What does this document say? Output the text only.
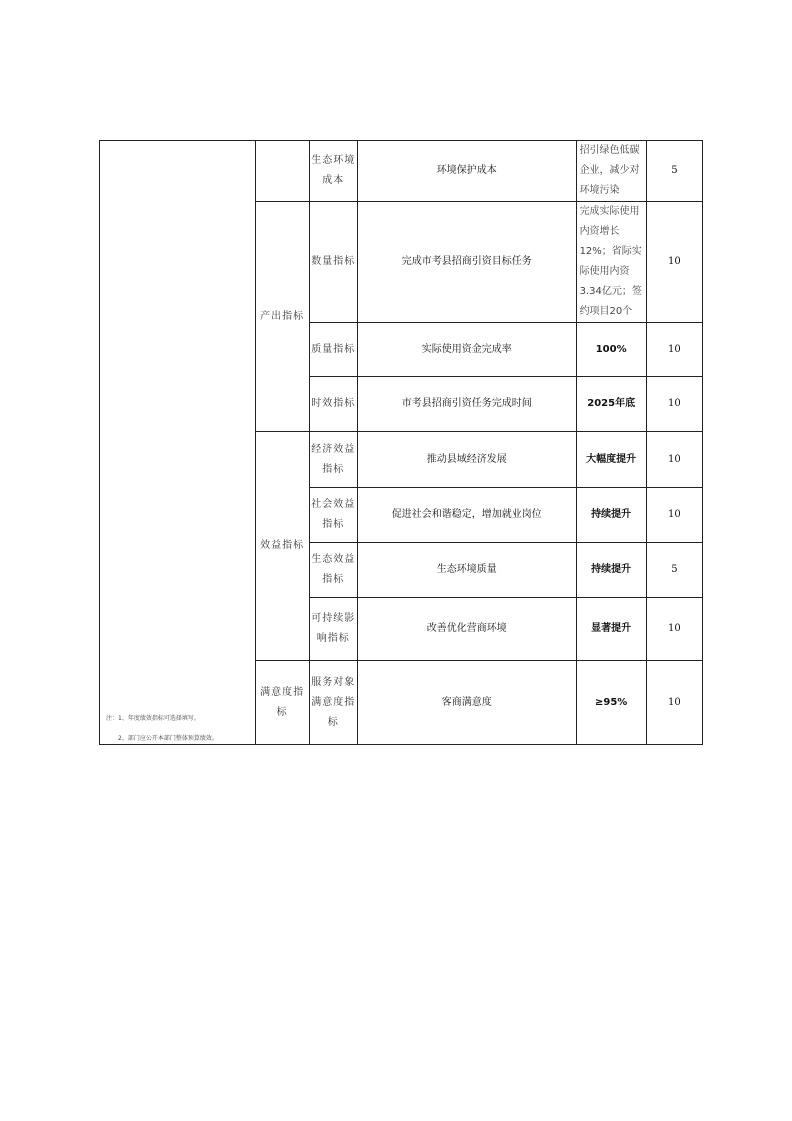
		生态环境成本	环境保护成本	招引绿色低碳企业，减少对环境污染	5
	产出指标	数量指标	完成市考县招商引资目标任务	完成实际使用内资增长12%；省际实际使用内资3.34亿元；签约项目20个	10
		质量指标	实际使用资金完成率	100%	10
		时效指标	市考县招商引资任务完成时间	2025年底	10
	效益指标	经济效益指标	推动县域经济发展	大幅度提升	10
		社会效益指标	促进社会和谐稳定，增加就业岗位	持续提升	10
		生态效益指标	生态环境质量	持续提升	5
		可持续影响指标	改善优化营商环境	显著提升	10
	满意度指标	服务对象满意度指标	客商满意度	≥95%	10
注：1、年度绩效指标可选择填写。
2、部门应公开本部门整体预算绩效。
